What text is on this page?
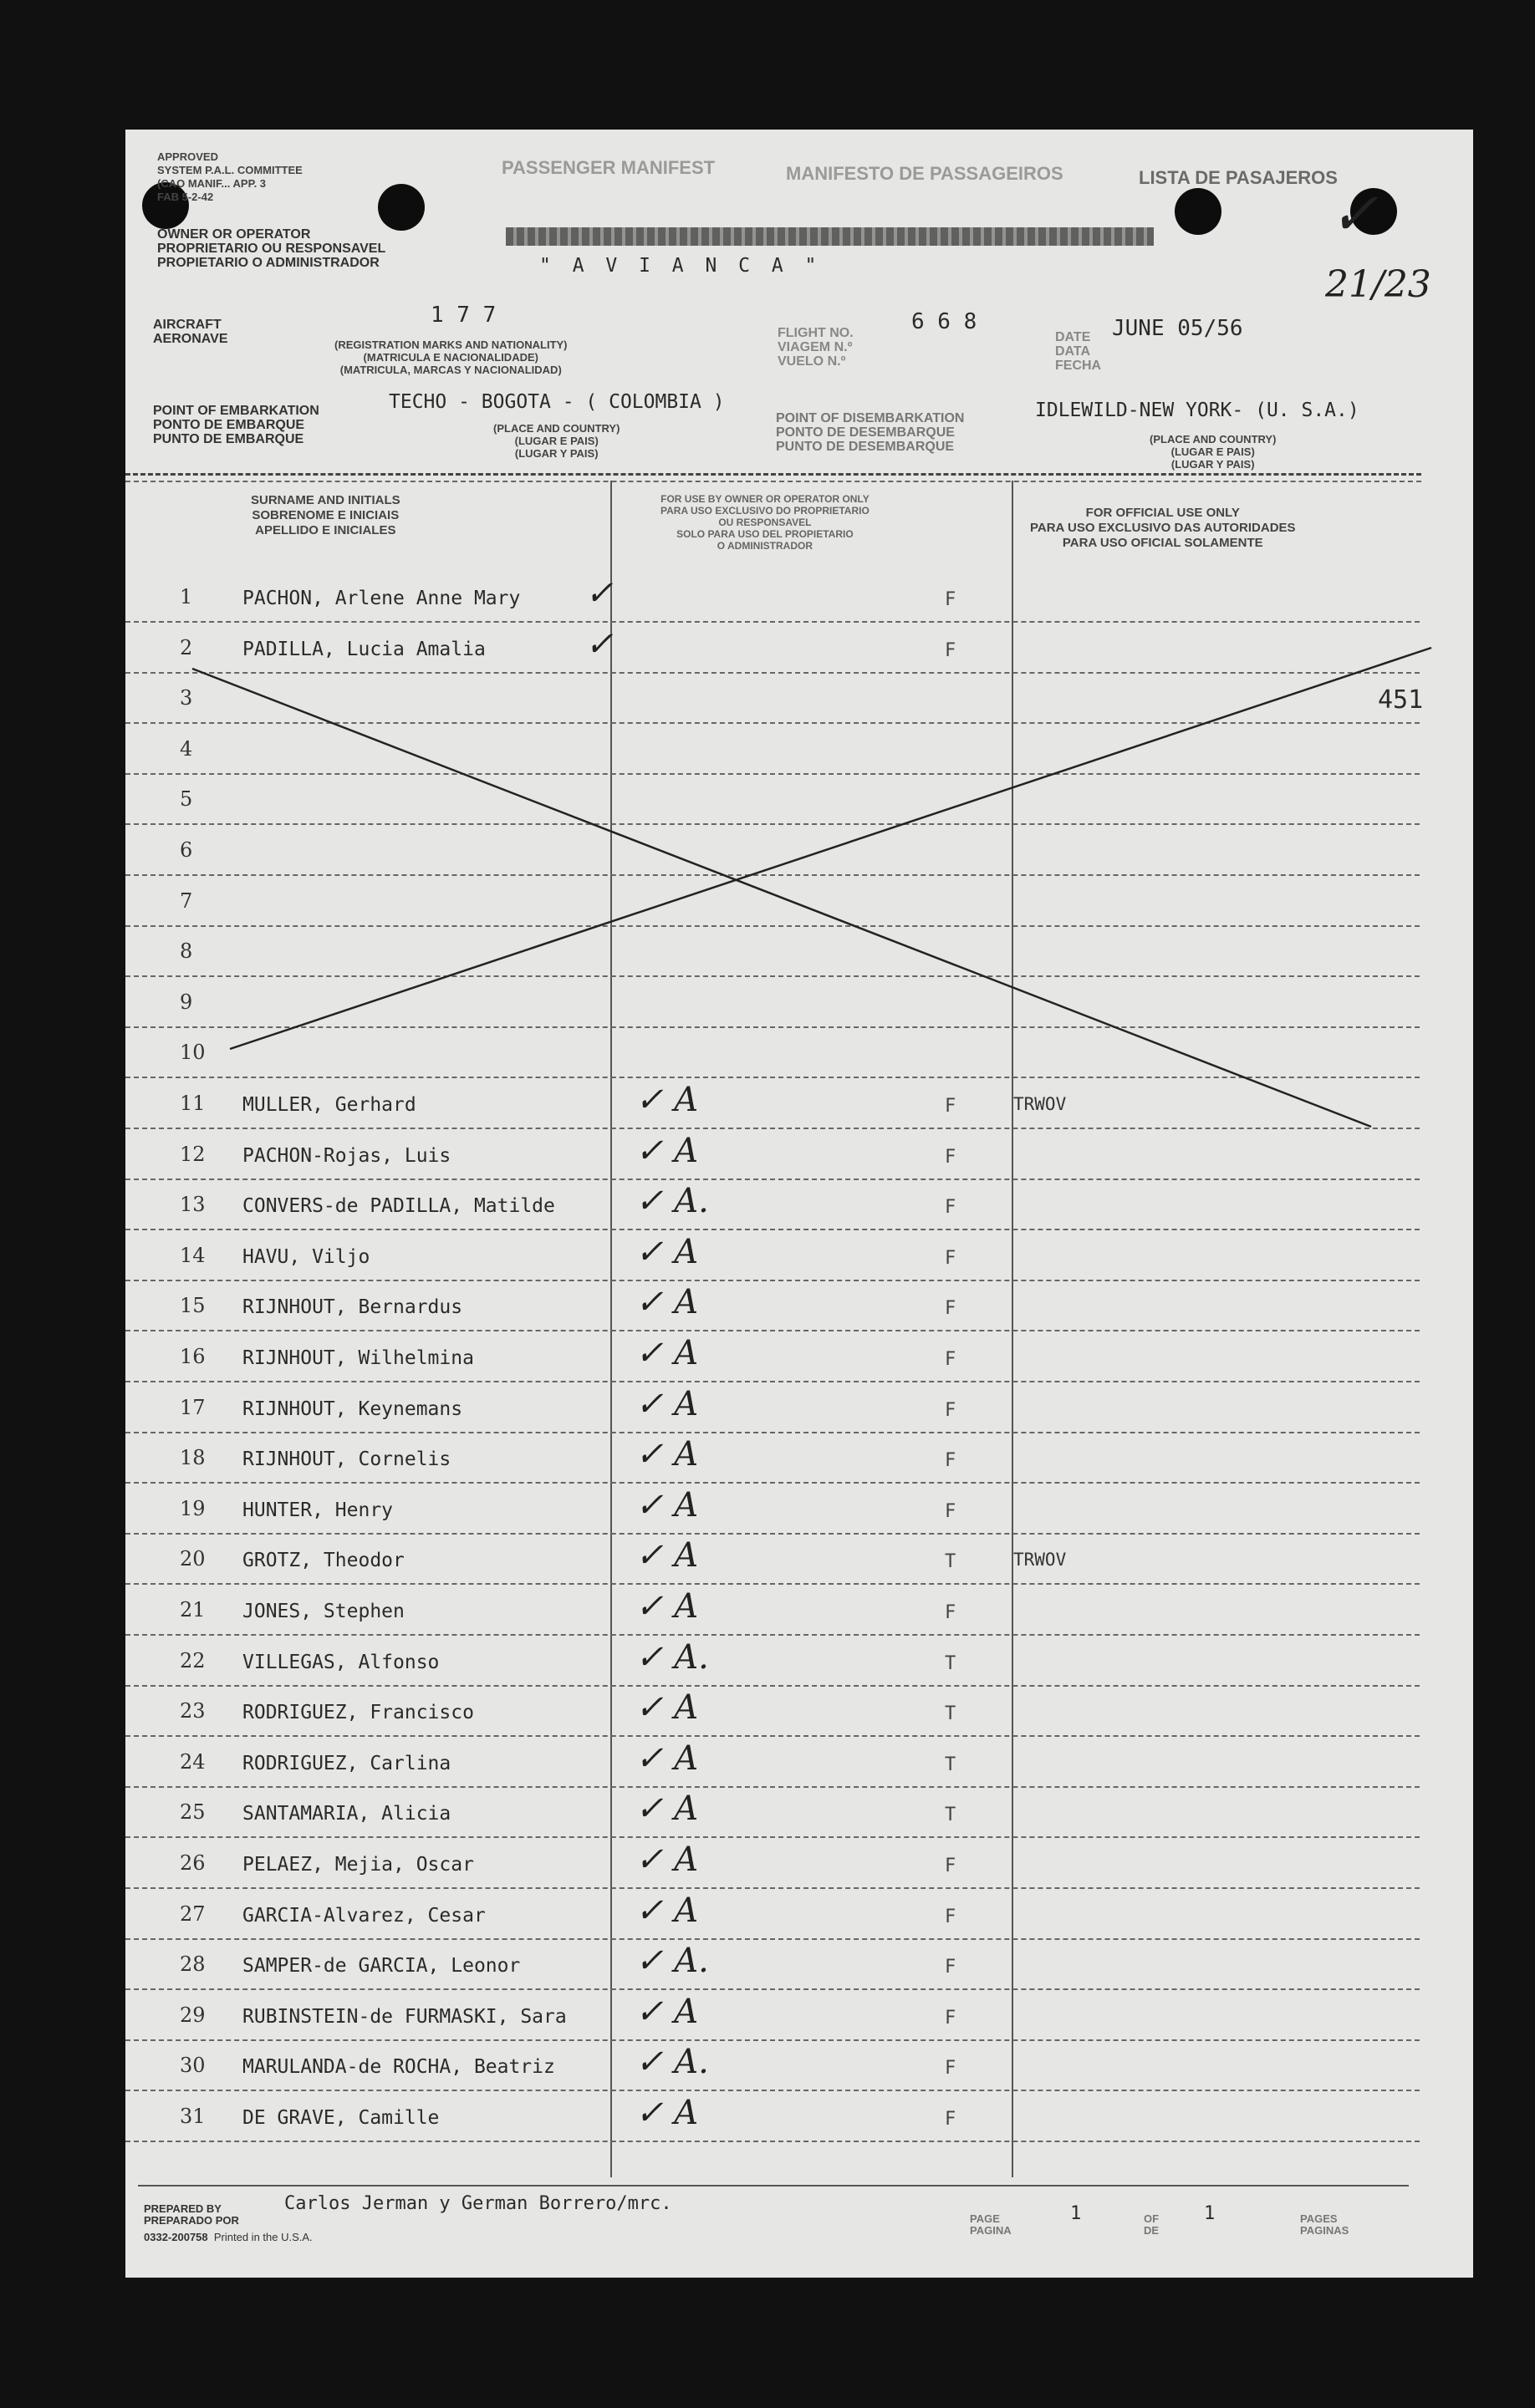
APPROVED
SYSTEM P.A.L. COMMITTEE
(CAO MANIF... APP. 3
FAB 5-2-42
PASSENGER MANIFEST	MANIFESTO DE PASSAGEIROS	LISTA DE PASAJEROS
✓
21/23
OWNER OR OPERATOR
PROPRIETARIO OU RESPONSAVEL
PROPIETARIO O ADMINISTRADOR	" A V I A N C A "
AIRCRAFT
AERONAVE
1 7 7
(REGISTRATION MARKS AND NATIONALITY)
(MATRICULA E NACIONALIDADE)
(MATRICULA, MARCAS Y NACIONALIDAD)
FLIGHT NO.
VIAGEM N.º
VUELO N.º
6 6 8
DATE
DATA
FECHA
JUNE 05/56
POINT OF EMBARKATION
PONTO DE EMBARQUE
PUNTO DE EMBARQUE
TECHO - BOGOTA - ( COLOMBIA )
(PLACE AND COUNTRY)
(LUGAR E PAIS)
(LUGAR Y PAIS)
POINT OF DISEMBARKATION
PONTO DE DESEMBARQUE
PUNTO DE DESEMBARQUE
IDLEWILD-NEW YORK- (U. S.A.)
(PLACE AND COUNTRY)
(LUGAR E PAIS)
(LUGAR Y PAIS)
SURNAME AND INITIALS
SOBRENOME E INICIAIS
APELLIDO E INICIALES
FOR USE BY OWNER OR OPERATOR ONLY
PARA USO EXCLUSIVO DO PROPRIETARIO
OU RESPONSAVEL
SOLO PARA USO DEL PROPIETARIO
O ADMINISTRADOR
FOR OFFICIAL USE ONLY
PARA USO EXCLUSIVO DAS AUTORIDADES
PARA USO OFICIAL SOLAMENTE
1	PACHON, Arlene Anne Mary ✓	F
2	PADILLA, Lucia Amalia	✓	F
3
4
5
6
7
8
9
10
11	MULLER, Gerhard	✓ A	F	TRWOV
12	PACHON-Rojas, Luis	✓ A	F
13	CONVERS-de PADILLA, Matilde ✓ A.	F
14	HAVU, Viljo	✓ A	F
15	RIJNHOUT, Bernardus	✓ A	F
16	RIJNHOUT, Wilhelmina	✓ A	F
17	RIJNHOUT, Keynemans	✓ A	F
18	RIJNHOUT, Cornelis	✓ A	F
19	HUNTER, Henry	✓ A	F
20	GROTZ, Theodor	✓ A	T	TRWOV
21	JONES, Stephen	✓ A	F
22	VILLEGAS, Alfonso	✓ A.	T
23	RODRIGUEZ, Francisco	✓ A	T
24	RODRIGUEZ, Carlina	✓ A	T
25	SANTAMARIA, Alicia	✓ A	T
26	PELAEZ, Mejia, Oscar	✓ A	F
27	GARCIA-Alvarez, Cesar	✓ A	F
28	SAMPER-de GARCIA, Leonor	✓ A.	F
29	RUBINSTEIN-de FURMASKI, Sara ✓ A	F
30	MARULANDA-de ROCHA, Beatriz ✓ A.	F
31	DE GRAVE, Camille	✓ A	F
451
PREPARED BY
PREPARADO POR
Carlos Jerman y German Borrero/mrc.
0332-200758 Printed in the U.S.A.
PAGE
PAGINA
1	OF
DE
1	PAGES
PAGINAS
